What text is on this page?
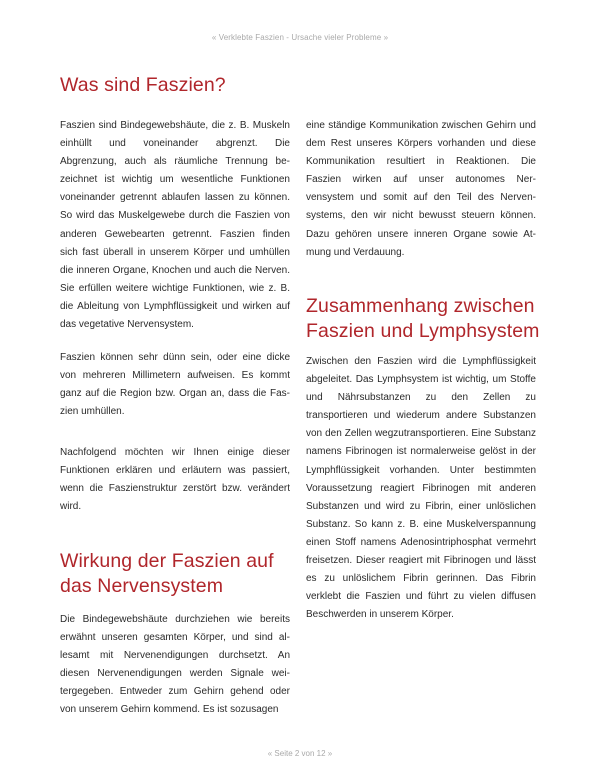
« Verklebte Faszien - Ursache vieler Probleme »
Was sind Faszien?

Faszien sind Bindegewebshäute, die z. B. Muskeln einhüllt und voneinander abgrenzt. Die Abgrenzung, auch als räumliche Trennung bezeichnet ist wichtig um wesentliche Funktionen voneinander getrennt ablaufen lassen zu können. So wird das Muskelgewebe durch die Faszien von anderen Gewebearten getrennt. Faszien finden sich fast überall in unserem Körper und umhüllen die inneren Organe, Knochen und auch die Nerven. Sie erfüllen weitere wichtige Funktionen, wie z. B. die Ableitung von Lymphflüssigkeit und wirken auf das vegetative Nervensystem.

Faszien können sehr dünn sein, oder eine dicke von mehreren Millimetern aufweisen. Es kommt ganz auf die Region bzw. Organ an, dass die Faszien umhüllen.

Nachfolgend möchten wir Ihnen einige dieser Funktionen erklären und erläutern was passiert, wenn die Faszienstruktur zerstört bzw. verändert wird.

Wirkung der Faszien auf das Nervensystem

Die Bindegewebshäute durchziehen wie bereits erwähnt unseren gesamten Körper, und sind allesamt mit Nervenendigungen durchsetzt. An diesen Nervenendigungen werden Signale weitergegeben. Entweder zum Gehirn gehend oder von unserem Gehirn kommend. Es ist sozusagen

eine ständige Kommunikation zwischen Gehirn und dem Rest unseres Körpers vorhanden und diese Kommunikation resultiert in Reaktionen. Die Faszien wirken auf unser autonomes Nervensystem und somit auf den Teil des Nervensystems, den wir nicht bewusst steuern können. Dazu gehören unsere inneren Organe sowie Atmung und Verdauung.

Zusammenhang zwischen Faszien und Lymphsystem

Zwischen den Faszien wird die Lymphflüssigkeit abgeleitet. Das Lymphsystem ist wichtig, um Stoffe und Nährsubstanzen zu den Zellen zu transportieren und wiederum andere Substanzen von den Zellen wegzutransportieren. Eine Substanz namens Fibrinogen ist normalerweise gelöst in der Lymphflüssigkeit vorhanden. Unter bestimmten Voraussetzung reagiert Fibrinogen mit anderen Substanzen und wird zu Fibrin, einer unlöslichen Substanz. So kann z. B. eine Muskelverspannung einen Stoff namens Adenosintriphosphat vermehrt freisetzen. Dieser reagiert mit Fibrinogen und lässt es zu unlöslichem Fibrin gerinnen. Das Fibrin verklebt die Faszien und führt zu vielen diffusen Beschwerden in unserem Körper.

« Seite 2 von 12 »
